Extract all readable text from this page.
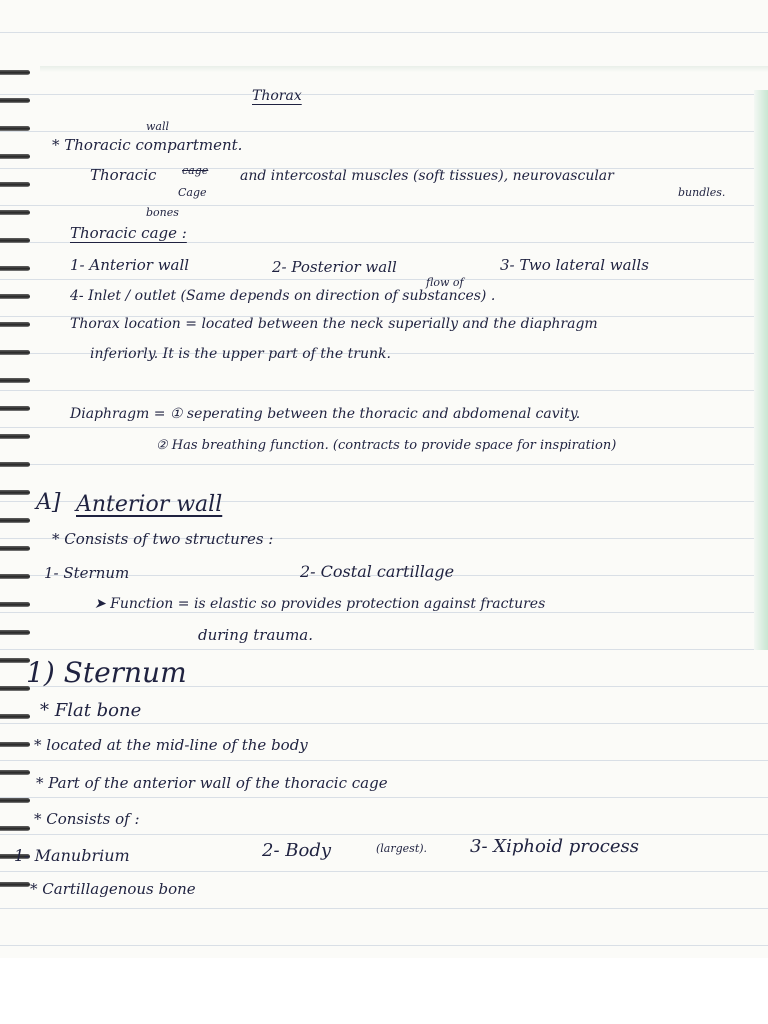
Thorax
wall
* Thoracic compartment.
Thoracic cage and intercostal muscles (soft tissues), neurovascular
Cage	bundles.
bones
Thoracic cage :
1- Anterior wall	2- Posterior wall	3- Two lateral walls
flow of
4- Inlet / outlet (Same depends on direction of substances) .
Thorax location = located between the neck superially and the diaphragm
inferiorly. It is the upper part of the trunk.
Diaphragm = ① seperating between the thoracic and abdomenal cavity.
② Has breathing function. (contracts to provide space for inspiration)
A] Anterior wall
* Consists of two structures :
1- Sternum	2- Costal cartillage
➤ Function = is elastic so provides protection against fractures
during trauma.
1) Sternum
* Flat bone
* located at the mid-line of the body
* Part of the anterior wall of the thoracic cage
* Consists of :
1- Manubrium	2- Body	(largest). 3- Xiphoid process
* Cartillagenous bone
